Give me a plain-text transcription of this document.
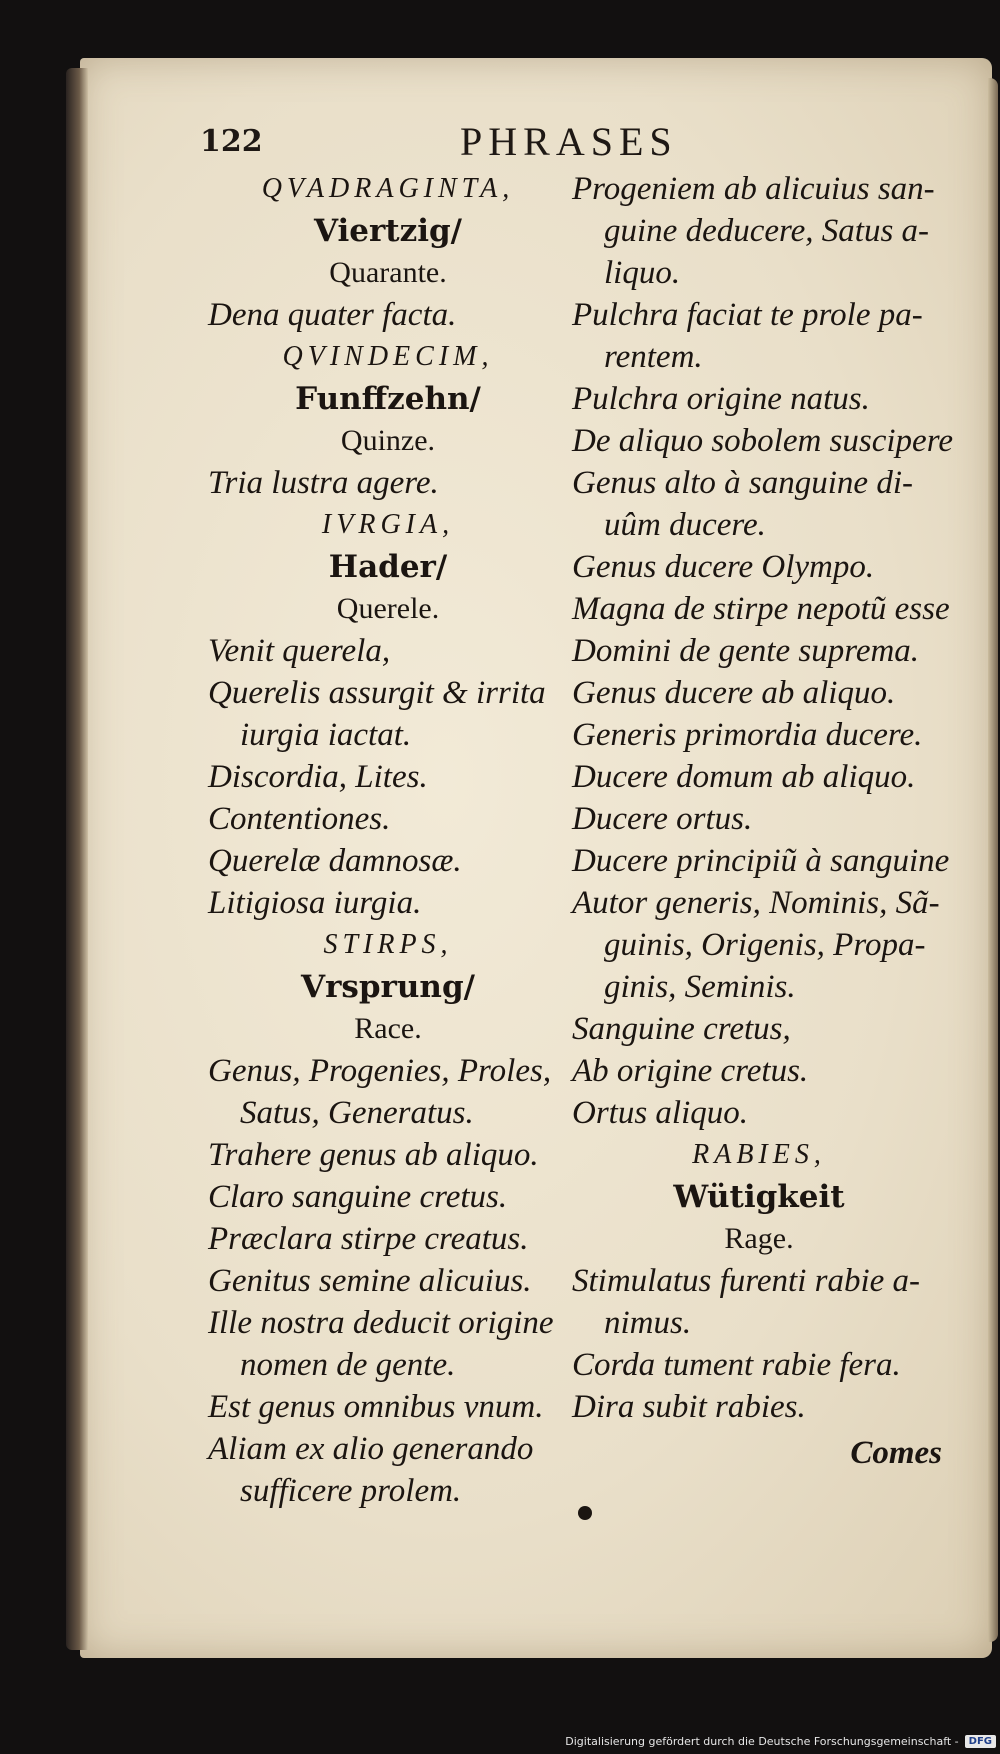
122	PHRASES
QVADRAGINTA,
Viertzig/
Quarante.
Dena quater facta.
QVINDECIM,
Funffzehn/
Quinze.
Tria lustra agere.
IVRGIA,
Hader/
Querele.
Venit querela,
Querelis assurgit & irrita
iurgia iactat.
Discordia, Lites.
Contentiones.
Querelæ damnosæ.
Litigiosa iurgia.
STIRPS,
Vrsprung/
Race.
Genus, Progenies, Proles,
Satus, Generatus.
Trahere genus ab aliquo.
Claro sanguine cretus.
Præclara stirpe creatus.
Genitus semine alicuius.
Ille nostra deducit origine
nomen de gente.
Est genus omnibus vnum.
Aliam ex alio generando
sufficere prolem.
Progeniem ab alicuius san-
guine deducere, Satus a-
liquo.
Pulchra faciat te prole pa-
rentem.
Pulchra origine natus.
De aliquo sobolem suscipere
Genus alto à sanguine di-
uûm ducere.
Genus ducere Olympo.
Magna de stirpe nepotũ esse
Domini de gente suprema.
Genus ducere ab aliquo.
Generis primordia ducere.
Ducere domum ab aliquo.
Ducere ortus.
Ducere principiũ à sanguine
Autor generis, Nominis, Sã-
guinis, Origenis, Propa-
ginis, Seminis.
Sanguine cretus,
Ab origine cretus.
Ortus aliquo.
RABIES,
Wütigkeit
Rage.
Stimulatus furenti rabie a-
nimus.
Corda tument rabie fera.
Dira subit rabies.
Comes
Digitalisierung gefördert durch die Deutsche Forschungsgemeinschaft -	DFG
